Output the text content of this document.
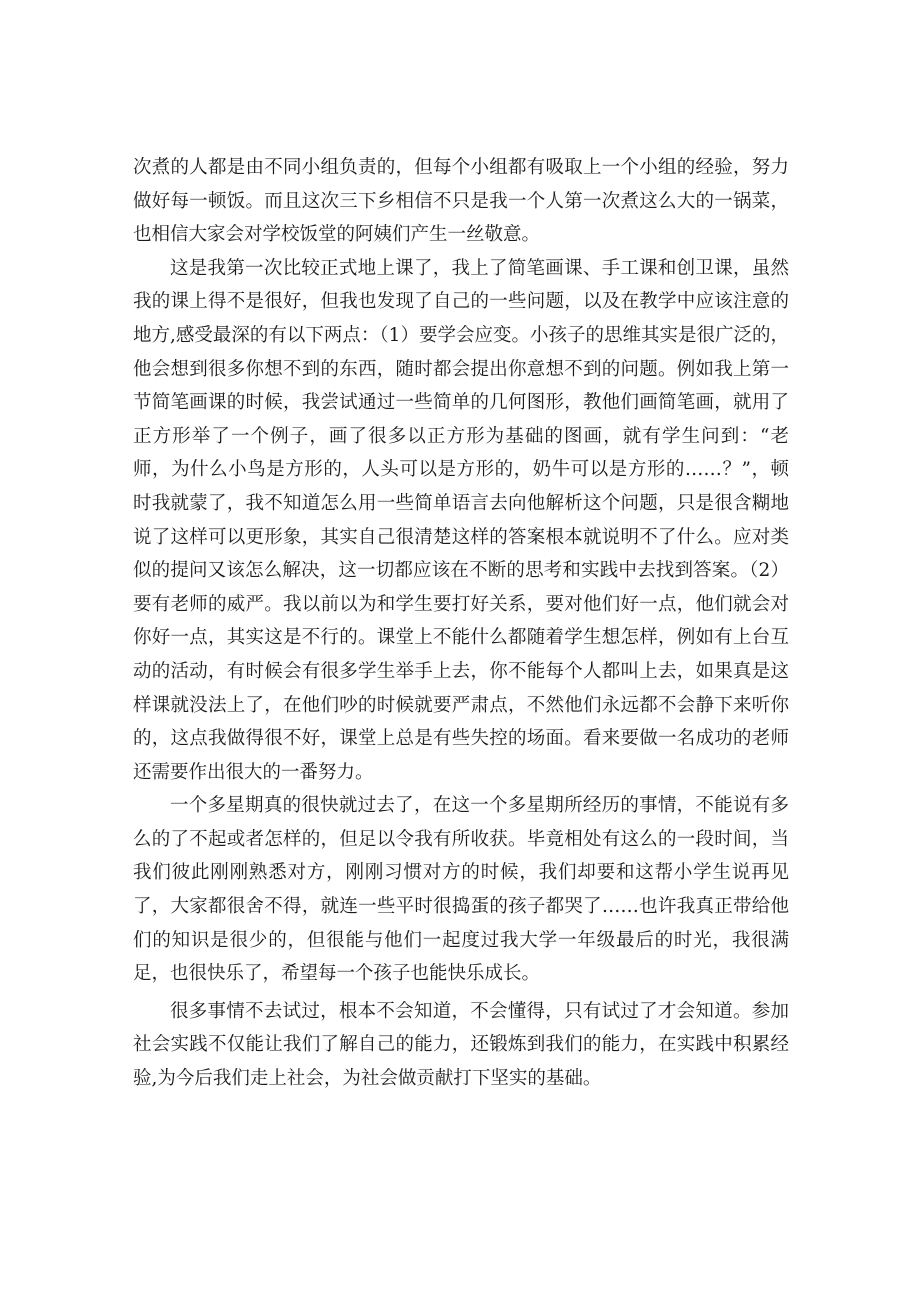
次煮的人都是由不同小组负责的，但每个小组都有吸取上一个小组的经验，努力做好每一顿饭。而且这次三下乡相信不只是我一个人第一次煮这么大的一锅菜，也相信大家会对学校饭堂的阿姨们产生一丝敬意。

这是我第一次比较正式地上课了，我上了简笔画课、手工课和创卫课，虽然我的课上得不是很好，但我也发现了自己的一些问题，以及在教学中应该注意的地方,感受最深的有以下两点：（1）要学会应变。小孩子的思维其实是很广泛的，他会想到很多你想不到的东西，随时都会提出你意想不到的问题。例如我上第一节简笔画课的时候，我尝试通过一些简单的几何图形，教他们画简笔画，就用了正方形举了一个例子，画了很多以正方形为基础的图画，就有学生问到：“老师，为什么小鸟是方形的，人头可以是方形的，奶牛可以是方形的……？”，顿时我就蒙了，我不知道怎么用一些简单语言去向他解析这个问题，只是很含糊地说了这样可以更形象，其实自己很清楚这样的答案根本就说明不了什么。应对类似的提问又该怎么解决，这一切都应该在不断的思考和实践中去找到答案。（2）要有老师的威严。我以前以为和学生要打好关系，要对他们好一点，他们就会对你好一点，其实这是不行的。课堂上不能什么都随着学生想怎样，例如有上台互动的活动，有时候会有很多学生举手上去，你不能每个人都叫上去，如果真是这样课就没法上了，在他们吵的时候就要严肃点，不然他们永远都不会静下来听你的，这点我做得很不好，课堂上总是有些失控的场面。看来要做一名成功的老师还需要作出很大的一番努力。

一个多星期真的很快就过去了，在这一个多星期所经历的事情，不能说有多么的了不起或者怎样的，但足以令我有所收获。毕竟相处有这么的一段时间，当我们彼此刚刚熟悉对方，刚刚习惯对方的时候，我们却要和这帮小学生说再见了，大家都很舍不得，就连一些平时很捣蛋的孩子都哭了……也许我真正带给他们的知识是很少的，但很能与他们一起度过我大学一年级最后的时光，我很满足，也很快乐了，希望每一个孩子也能快乐成长。

很多事情不去试过，根本不会知道，不会懂得，只有试过了才会知道。参加社会实践不仅能让我们了解自己的能力，还锻炼到我们的能力，在实践中积累经验,为今后我们走上社会，为社会做贡献打下坚实的基础。
